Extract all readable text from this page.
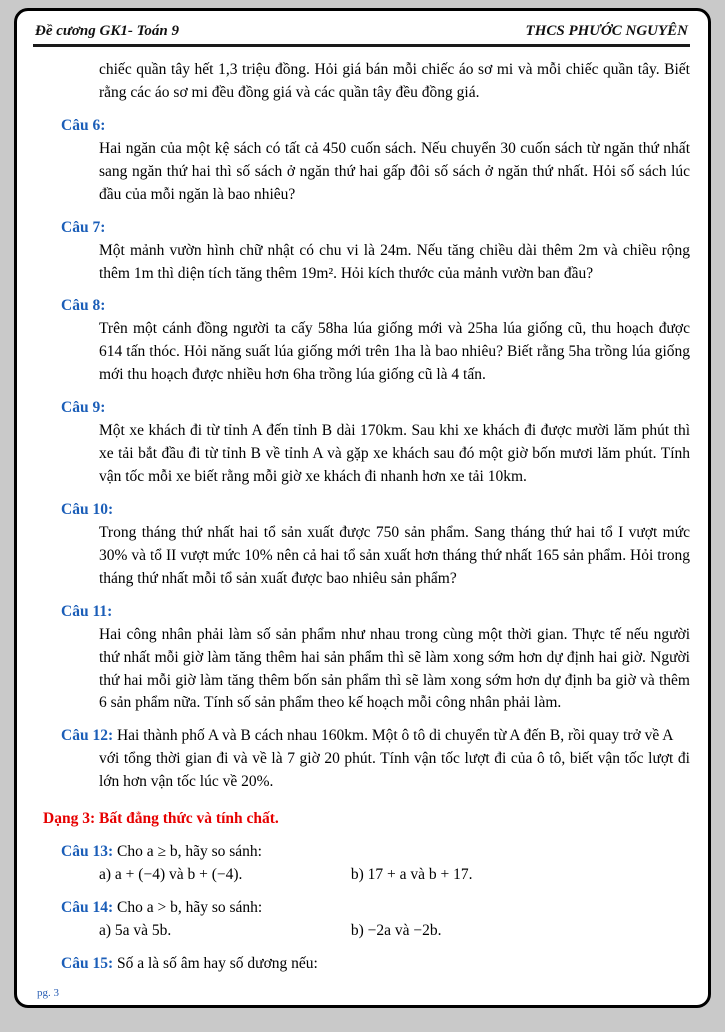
Đề cương GK1- Toán 9	THCS PHƯỚC NGUYÊN

chiếc quần tây hết 1,3 triệu đồng. Hỏi giá bán mỗi chiếc áo sơ mi và mỗi chiếc quần tây. Biết rằng các áo sơ mi đều đồng giá và các quần tây đều đồng giá.

Câu 6:

Hai ngăn của một kệ sách có tất cả 450 cuốn sách. Nếu chuyển 30 cuốn sách từ ngăn thứ nhất sang ngăn thứ hai thì số sách ở ngăn thứ hai gấp đôi số sách ở ngăn thứ nhất. Hỏi số sách lúc đầu của mỗi ngăn là bao nhiêu?

Câu 7:

Một mảnh vườn hình chữ nhật có chu vi là 24m. Nếu tăng chiều dài thêm 2m và chiều rộng thêm 1m thì diện tích tăng thêm 19m². Hỏi kích thước của mảnh vườn ban đầu?

Câu 8:

Trên một cánh đồng người ta cấy 58ha lúa giống mới và 25ha lúa giống cũ, thu hoạch được 614 tấn thóc. Hỏi năng suất lúa giống mới trên 1ha là bao nhiêu? Biết rằng 5ha trồng lúa giống mới thu hoạch được nhiều hơn 6ha trồng lúa giống cũ là 4 tấn.

Câu 9:

Một xe khách đi từ tỉnh A đến tỉnh B dài 170km. Sau khi xe khách đi được mười lăm phút thì xe tải bắt đầu đi từ tỉnh B về tỉnh A và gặp xe khách sau đó một giờ bốn mươi lăm phút. Tính vận tốc mỗi xe biết rằng mỗi giờ xe khách đi nhanh hơn xe tải 10km.

Câu 10:

Trong tháng thứ nhất hai tổ sản xuất được 750 sản phẩm. Sang tháng thứ hai tổ I vượt mức 30% và tổ II vượt mức 10% nên cả hai tổ sản xuất hơn tháng thứ nhất 165 sản phẩm. Hỏi trong tháng thứ nhất mỗi tổ sản xuất được bao nhiêu sản phẩm?

Câu 11:

Hai công nhân phải làm số sản phẩm như nhau trong cùng một thời gian. Thực tế nếu người thứ nhất mỗi giờ làm tăng thêm hai sản phẩm thì sẽ làm xong sớm hơn dự định hai giờ. Người thứ hai mỗi giờ làm tăng thêm bốn sản phẩm thì sẽ làm xong sớm hơn dự định ba giờ và thêm 6 sản phẩm nữa. Tính số sản phẩm theo kế hoạch mỗi công nhân phải làm.

Câu 12: Hai thành phố A và B cách nhau 160km. Một ô tô di chuyển từ A đến B, rồi quay trở về A

với tổng thời gian đi và về là 7 giờ 20 phút. Tính vận tốc lượt đi của ô tô, biết vận tốc lượt đi lớn hơn vận tốc lúc về 20%.

Dạng 3: Bất đẳng thức và tính chất.

Câu 13: Cho a ≥ b, hãy so sánh:

a) a + (−4) và b + (−4).	b) 17 + a và b + 17.

Câu 14: Cho a > b, hãy so sánh:

a) 5a và 5b.	b) −2a và −2b.

Câu 15: Số a là số âm hay số dương nếu:

pg. 3
